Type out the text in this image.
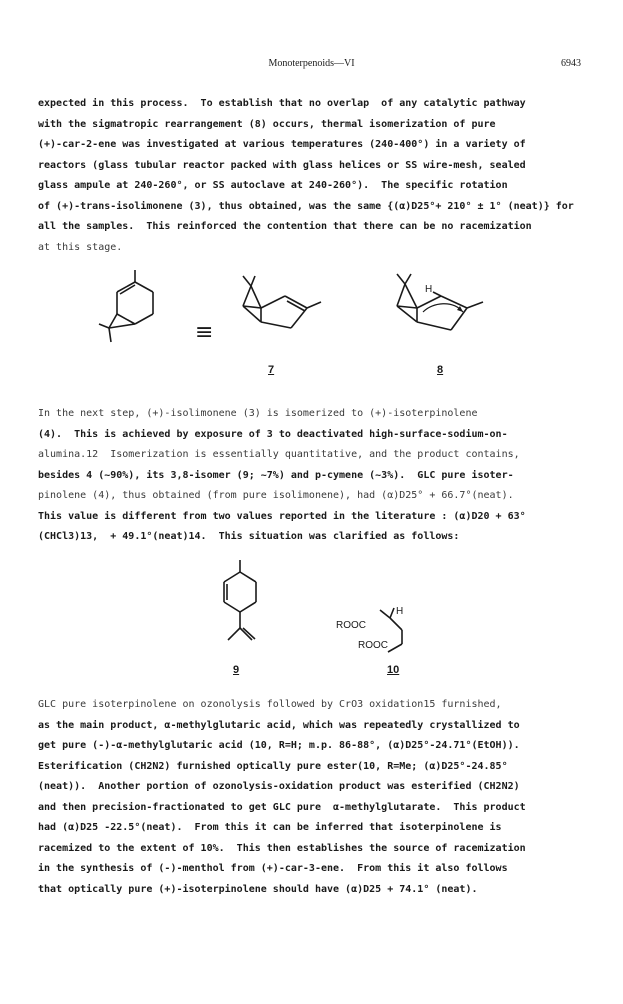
Monoterpenoids—VI	6943
expected in this process.  To establish that no overlap  of any catalytic pathway
with the sigmatropic rearrangement (8) occurs, thermal isomerization of pure
(+)-car-2-ene was investigated at various temperatures (240-400°) in a variety of
reactors (glass tubular reactor packed with glass helices or SS wire-mesh, sealed
glass ampule at 240-260°, or SS autoclave at 240-260°).  The specific rotation
of (+)-trans-isolimonene (3), thus obtained, was the same {(α)D25°+ 210° ± 1° (neat)} for
all the samples.  This reinforced the contention that there can be no racemization
at this stage.
≡
7
H
8
In the next step, (+)-isolimonene (3) is isomerized to (+)-isoterpinolene
(4).  This is achieved by exposure of 3 to deactivated high-surface-sodium-on-
alumina.12  Isomerization is essentially quantitative, and the product contains,
besides 4 (~90%), its 3,8-isomer (9; ~7%) and p-cymene (~3%).  GLC pure isoter-
pinolene (4), thus obtained (from pure isolimonene), had (α)D25° + 66.7°(neat).
This value is different from two values reported in the literature : (α)D20 + 63°
(CHCl3)13,  + 49.1°(neat)14.  This situation was clarified as follows:
9
H
ROOC
ROOC
10
GLC pure isoterpinolene on ozonolysis followed by CrO3 oxidation15 furnished,
as the main product, α-methylglutaric acid, which was repeatedly crystallized to
get pure (-)-α-methylglutaric acid (10, R=H; m.p. 86-88°, (α)D25°-24.71°(EtOH)).
Esterification (CH2N2) furnished optically pure ester(10, R=Me; (α)D25°-24.85°
(neat)).  Another portion of ozonolysis-oxidation product was esterified (CH2N2)
and then precision-fractionated to get GLC pure  α-methylglutarate.  This product
had (α)D25 -22.5°(neat).  From this it can be inferred that isoterpinolene is
racemized to the extent of 10%.  This then establishes the source of racemization
in the synthesis of (-)-menthol from (+)-car-3-ene.  From this it also follows
that optically pure (+)-isoterpinolene should have (α)D25 + 74.1° (neat).
